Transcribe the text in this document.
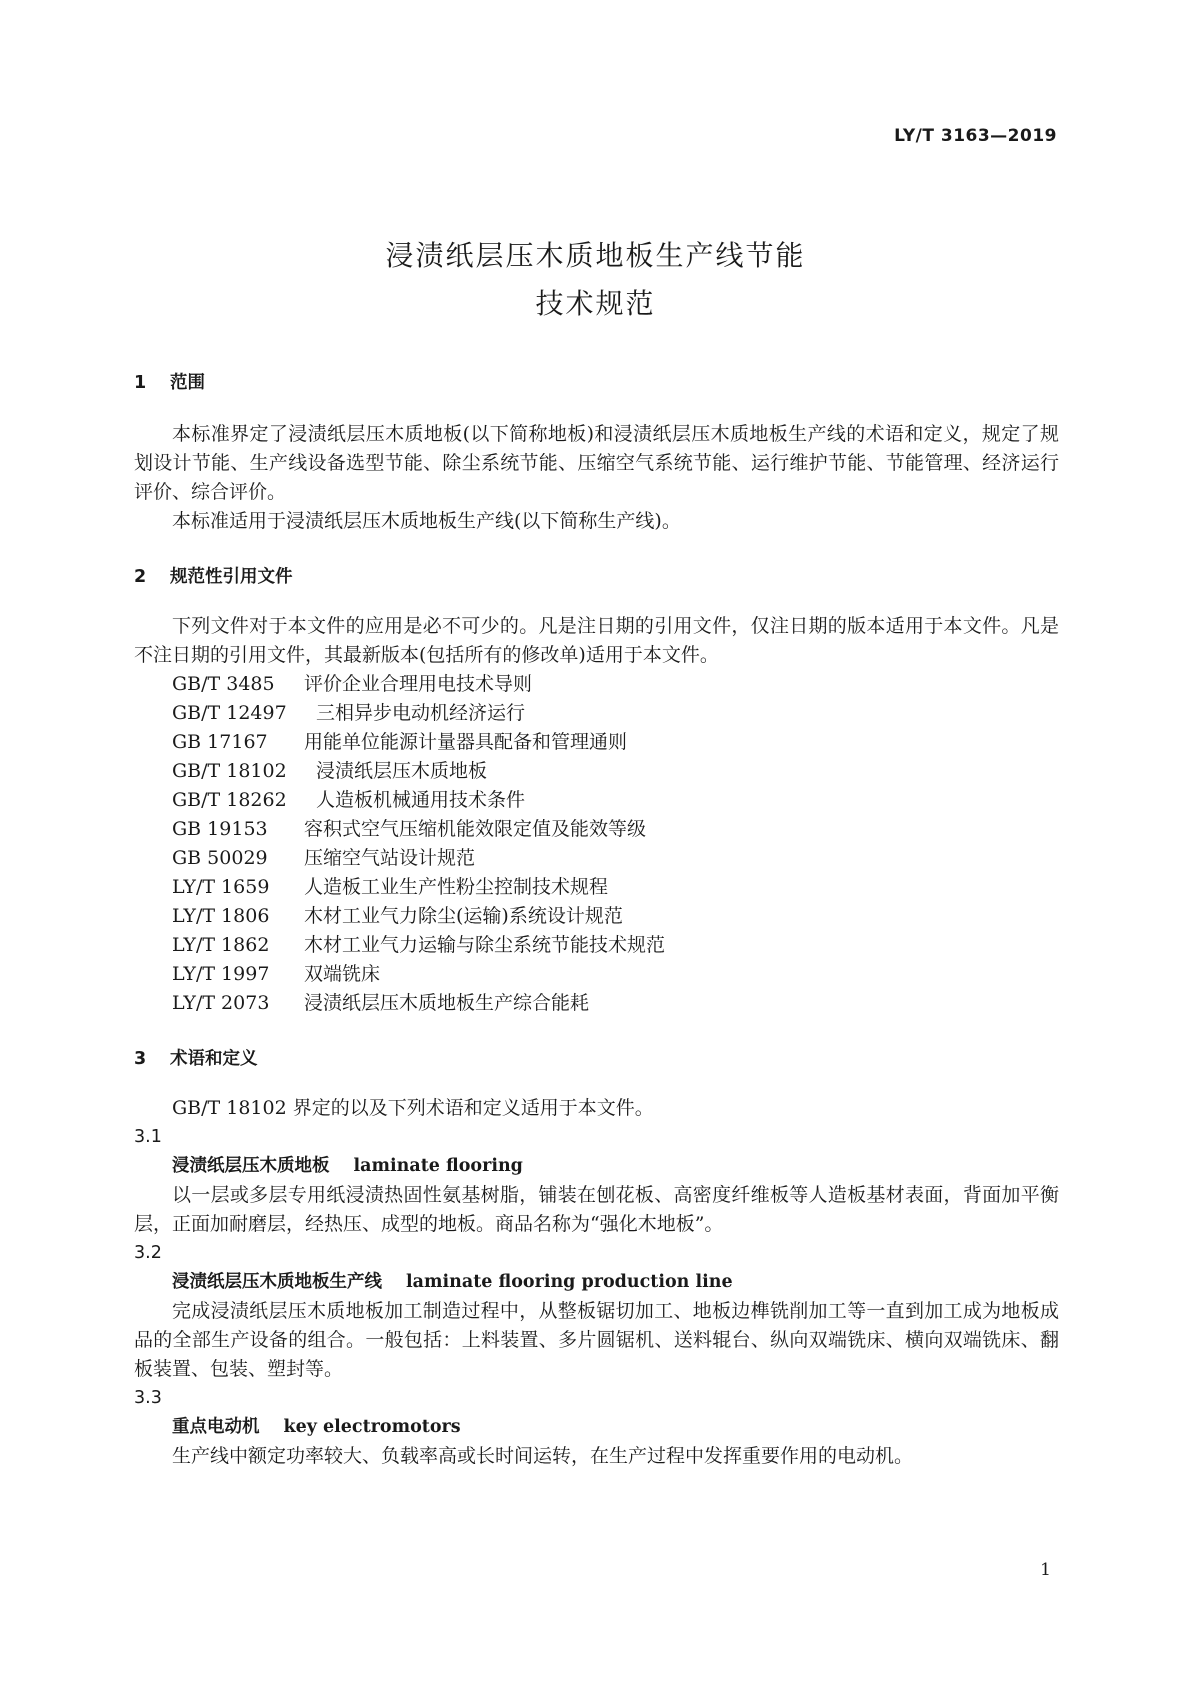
LY/T 3163—2019
浸渍纸层压木质地板生产线节能
技术规范
1 范围

本标准界定了浸渍纸层压木质地板(以下简称地板)和浸渍纸层压木质地板生产线的术语和定义，规定了规划设计节能、生产线设备选型节能、除尘系统节能、压缩空气系统节能、运行维护节能、节能管理、经济运行评价、综合评价。

本标准适用于浸渍纸层压木质地板生产线(以下简称生产线)。

2 规范性引用文件

下列文件对于本文件的应用是必不可少的。凡是注日期的引用文件，仅注日期的版本适用于本文件。凡是不注日期的引用文件，其最新版本(包括所有的修改单)适用于本文件。

GB/T 3485 评价企业合理用电技术导则
GB/T 12497 三相异步电动机经济运行
GB 17167 用能单位能源计量器具配备和管理通则
GB/T 18102 浸渍纸层压木质地板
GB/T 18262 人造板机械通用技术条件
GB 19153 容积式空气压缩机能效限定值及能效等级
GB 50029 压缩空气站设计规范
LY/T 1659 人造板工业生产性粉尘控制技术规程
LY/T 1806 木材工业气力除尘(运输)系统设计规范
LY/T 1862 木材工业气力运输与除尘系统节能技术规范
LY/T 1997 双端铣床
LY/T 2073 浸渍纸层压木质地板生产综合能耗
3 术语和定义

GB/T 18102 界定的以及下列术语和定义适用于本文件。

3.1
浸渍纸层压木质地板 laminate flooring

以一层或多层专用纸浸渍热固性氨基树脂，铺装在刨花板、高密度纤维板等人造板基材表面，背面加平衡层，正面加耐磨层，经热压、成型的地板。商品名称为“强化木地板”。

3.2
浸渍纸层压木质地板生产线 laminate flooring production line

完成浸渍纸层压木质地板加工制造过程中，从整板锯切加工、地板边榫铣削加工等一直到加工成为地板成品的全部生产设备的组合。一般包括：上料装置、多片圆锯机、送料辊台、纵向双端铣床、横向双端铣床、翻板装置、包装、塑封等。

3.3
重点电动机 key electromotors

生产线中额定功率较大、负载率高或长时间运转，在生产过程中发挥重要作用的电动机。

1
